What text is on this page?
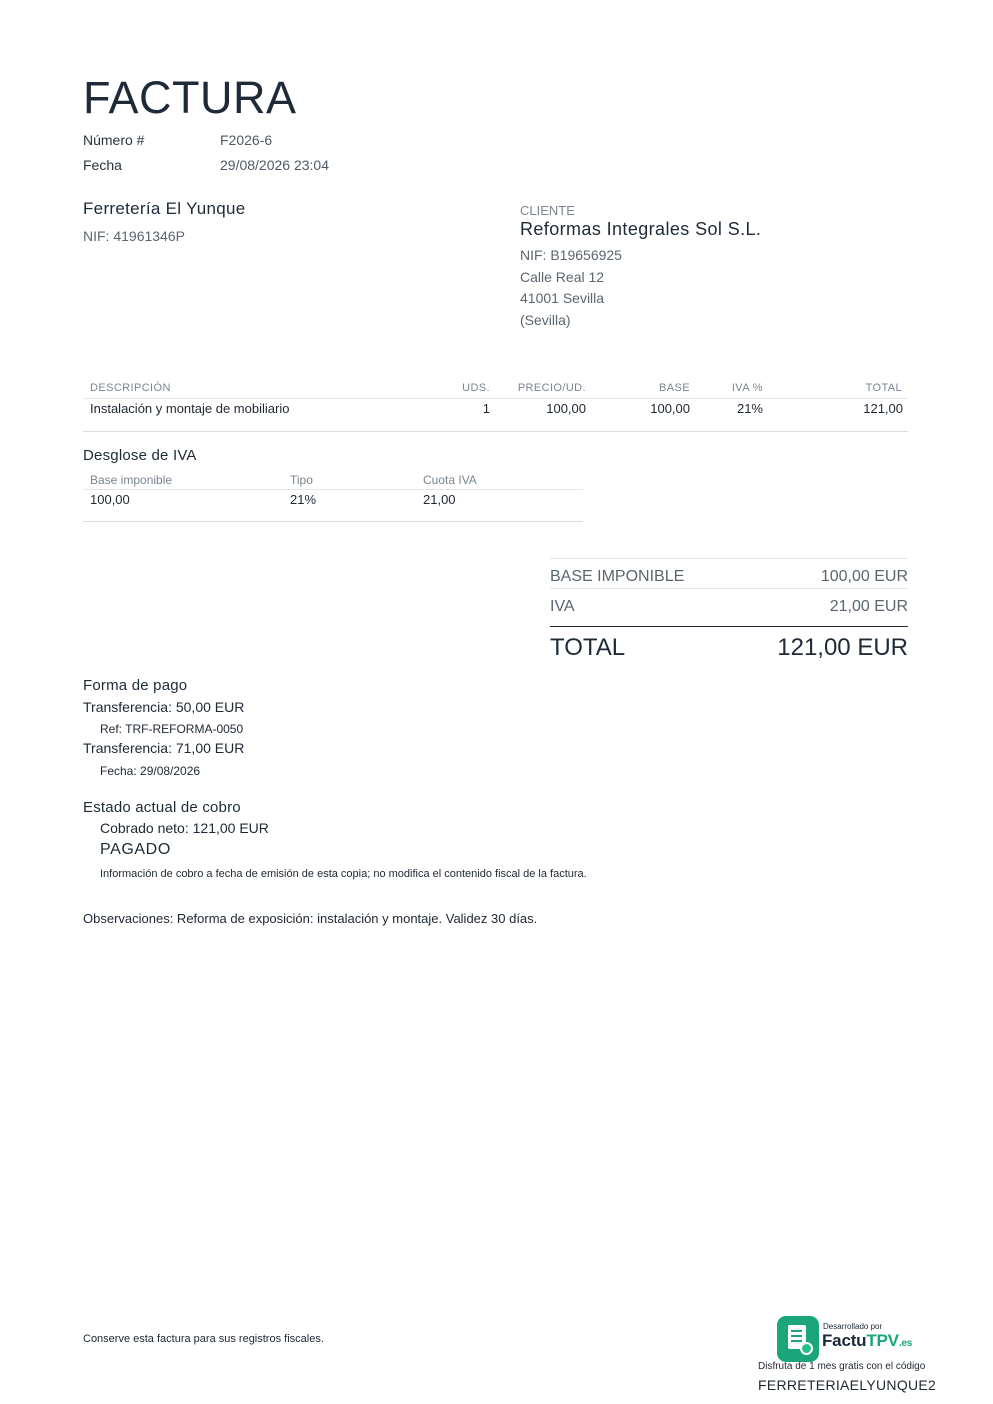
FACTURA
Número #	F2026-6
Fecha	29/08/2026 23:04
Ferretería El Yunque
NIF: 41961346P
CLIENTE
Reformas Integrales Sol S.L.
NIF: B19656925
Calle Real 12
41001 Sevilla
(Sevilla)
DESCRIPCIÓN	UDS.	PRECIO/UD.	BASE	IVA %	TOTAL
Instalación y montaje de mobiliario	1	100,00	100,00	21%	121,00
Desglose de IVA
Base imponible	Tipo	Cuota IVA
100,00	21%	21,00
BASE IMPONIBLE	100,00 EUR
IVA	21,00 EUR
TOTAL	121,00 EUR
Forma de pago
Transferencia: 50,00 EUR
Ref: TRF-REFORMA-0050
Transferencia: 71,00 EUR
Fecha: 29/08/2026
Estado actual de cobro
Cobrado neto: 121,00 EUR
PAGADO
Información de cobro a fecha de emisión de esta copia; no modifica el contenido fiscal de la factura.
Observaciones: Reforma de exposición: instalación y montaje. Validez 30 días.
Conserve esta factura para sus registros fiscales.
Desarrollado por
FactuTPV.es
Disfruta de 1 mes gratis con el código
FERRETERIAELYUNQUE2
